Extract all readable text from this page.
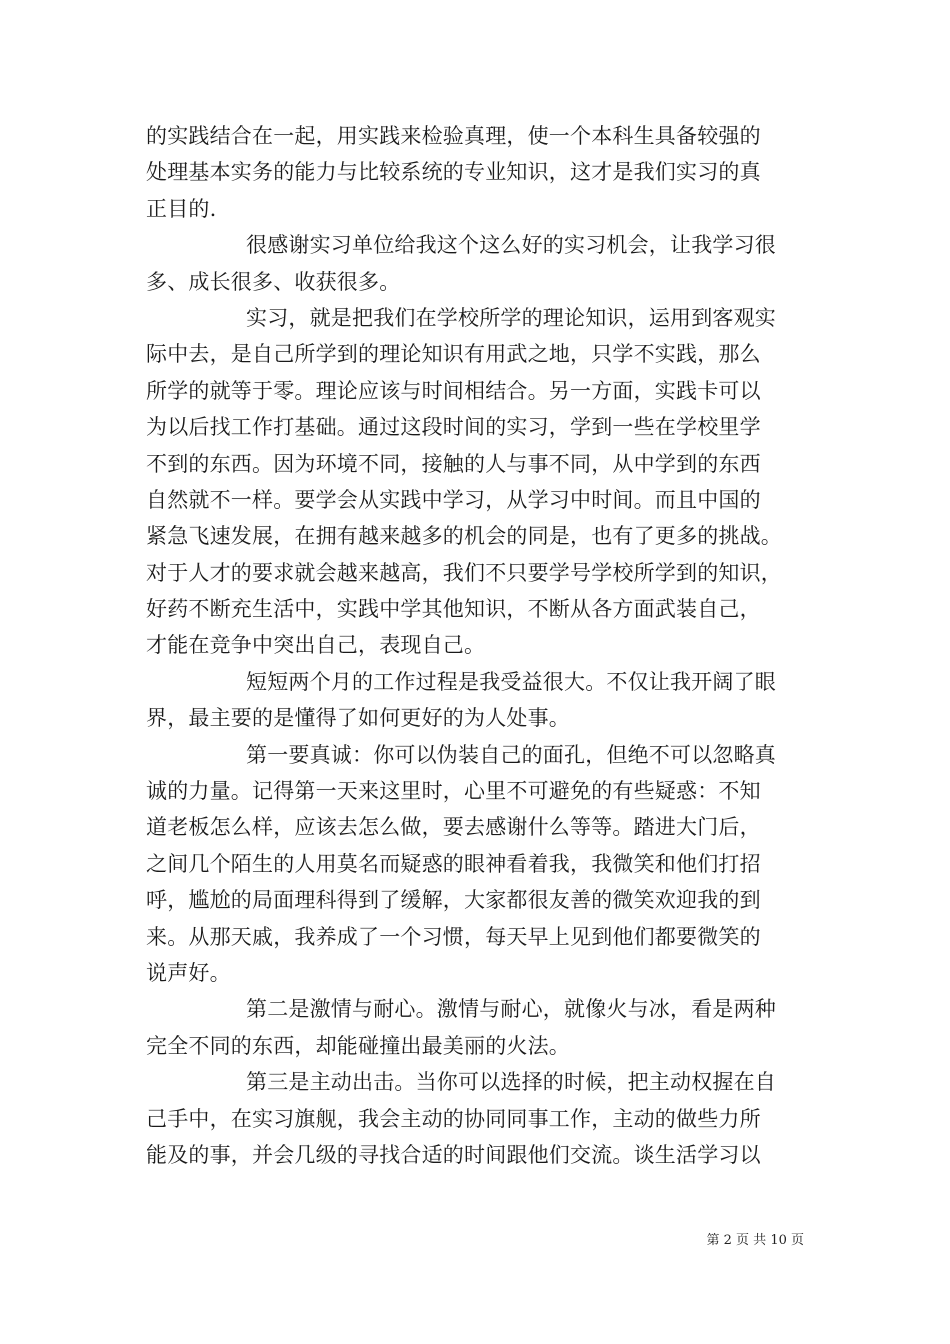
的实践结合在一起，用实践来检验真理，使一个本科生具备较强的
处理基本实务的能力与比较系统的专业知识，这才是我们实习的真
正目的.
很感谢实习单位给我这个这么好的实习机会，让我学习很
多、成长很多、收获很多。
实习，就是把我们在学校所学的理论知识，运用到客观实
际中去，是自己所学到的理论知识有用武之地，只学不实践，那么
所学的就等于零。理论应该与时间相结合。另一方面，实践卡可以
为以后找工作打基础。通过这段时间的实习，学到一些在学校里学
不到的东西。因为环境不同，接触的人与事不同，从中学到的东西
自然就不一样。要学会从实践中学习，从学习中时间。而且中国的
紧急飞速发展，在拥有越来越多的机会的同是，也有了更多的挑战。
对于人才的要求就会越来越高，我们不只要学号学校所学到的知识，
好药不断充生活中，实践中学其他知识，不断从各方面武装自己，
才能在竞争中突出自己，表现自己。
短短两个月的工作过程是我受益很大。不仅让我开阔了眼
界，最主要的是懂得了如何更好的为人处事。
第一要真诚：你可以伪装自己的面孔，但绝不可以忽略真
诚的力量。记得第一天来这里时，心里不可避免的有些疑惑：不知
道老板怎么样，应该去怎么做，要去感谢什么等等。踏进大门后，
之间几个陌生的人用莫名而疑惑的眼神看着我，我微笑和他们打招
呼，尴尬的局面理科得到了缓解，大家都很友善的微笑欢迎我的到
来。从那天戚，我养成了一个习惯，每天早上见到他们都要微笑的
说声好。
第二是激情与耐心。激情与耐心，就像火与冰，看是两种
完全不同的东西，却能碰撞出最美丽的火法。
第三是主动出击。当你可以选择的时候，把主动权握在自
己手中，在实习旗舰，我会主动的协同同事工作，主动的做些力所
能及的事，并会几级的寻找合适的时间跟他们交流。谈生活学习以
第 2 页 共 10 页
